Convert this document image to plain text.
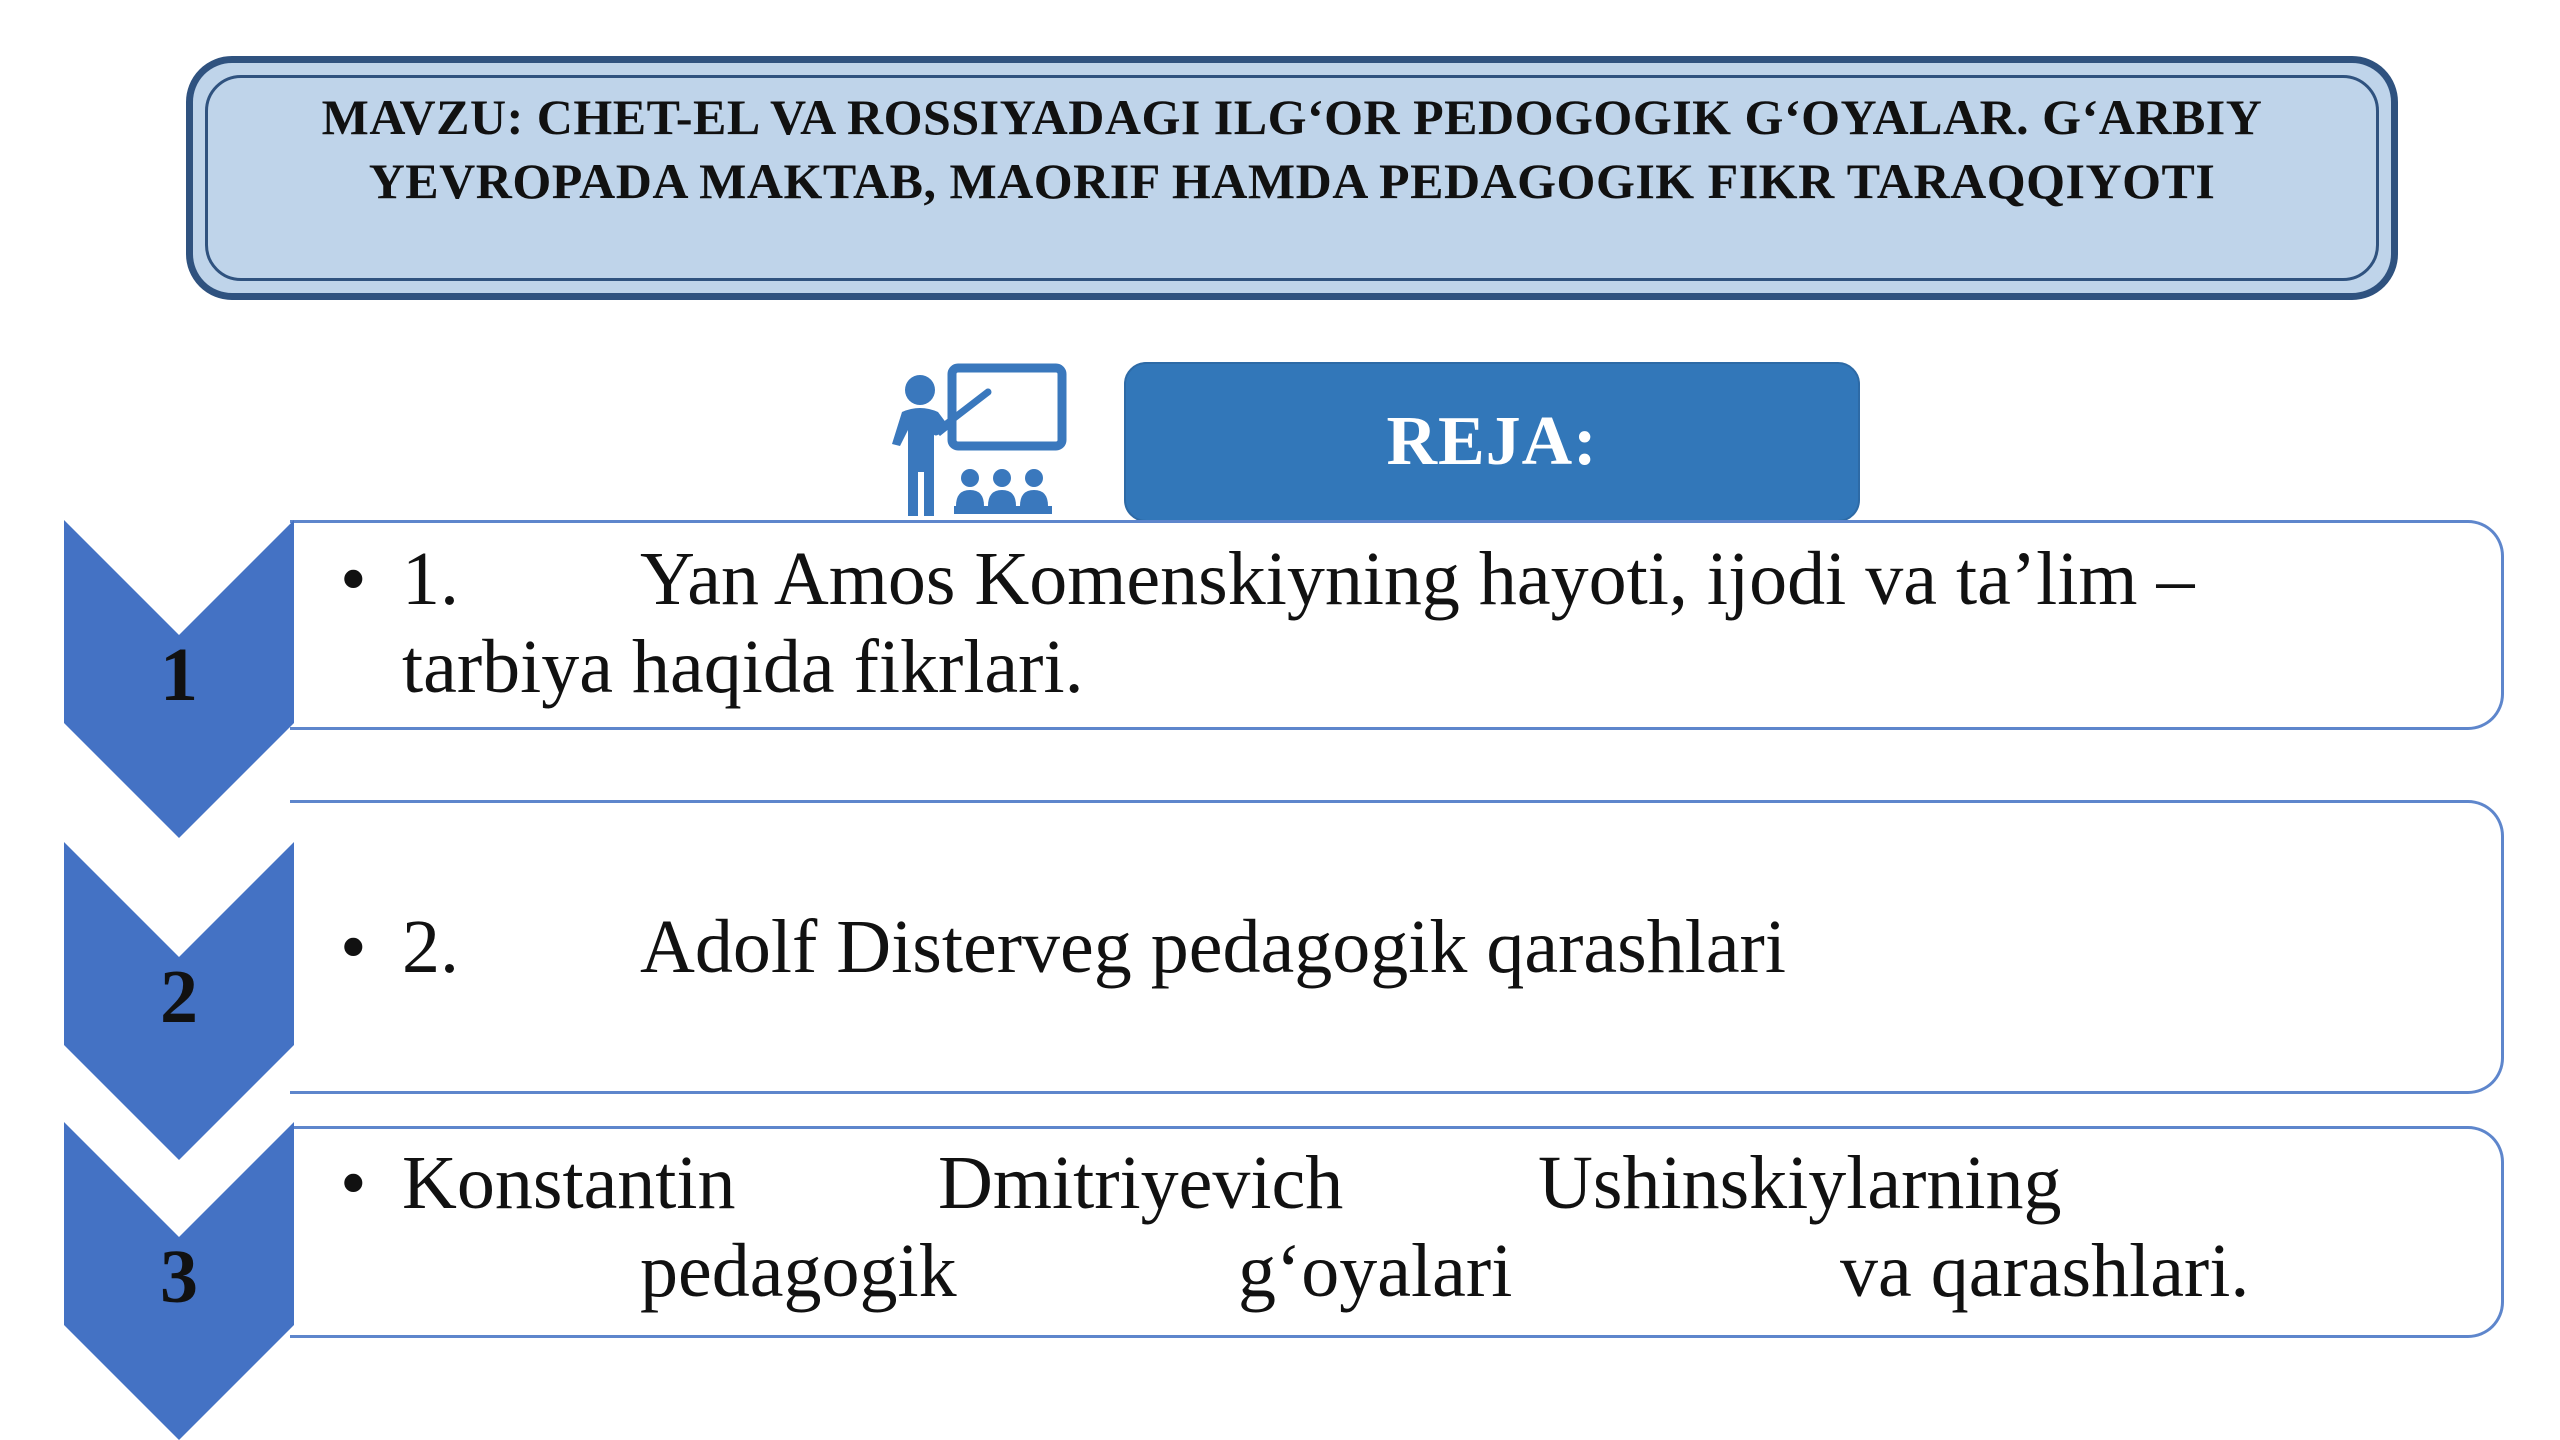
MAVZU: CHET-EL VA ROSSIYADAGI ILG‘OR PEDOGOGIK G‘OYALAR. G‘ARBIY
YEVROPADA MAKTAB, MAORIF HAMDA PEDAGOGIK FIKR TARAQQIYOTI
REJA:
• 1. Yan Amos Komenskiyning hayoti, ijodi va ta’lim –
tarbiya haqida fikrlari.
1
• 2. Adolf Disterveg pedagogik qarashlari
2
• Konstantin	Dmitriyevich	Ushinskiylarning
pedagogik	g‘oyalari	va qarashlari.
3
